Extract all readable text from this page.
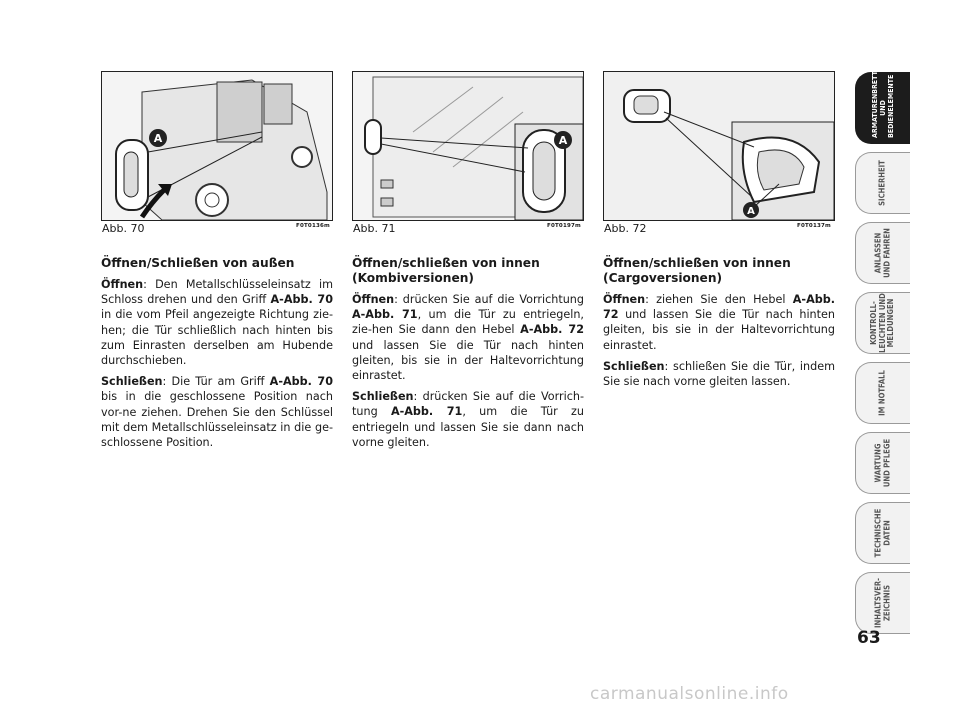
A
Abb. 70	F0T0136m
A
Abb. 71	F0T0197m
A
Abb. 72	F0T0137m
Öffnen/Schließen von außen

Öffnen: Den Metallschlüsseleinsatz im Schloss drehen und den Griff A-Abb. 70 in die vom Pfeil angezeigte Richtung zie-hen; die Tür schließlich nach hinten bis zum Einrasten derselben am Hubende durchschieben.

Schließen: Die Tür am Griff A-Abb. 70 bis in die geschlossene Position nach vor-ne ziehen. Drehen Sie den Schlüssel mit dem Metallschlüsseleinsatz in die ge-schlossene Position.

Öffnen/schließen von innen (Kombiversionen)

Öffnen: drücken Sie auf die Vorrichtung A-Abb. 71, um die Tür zu entriegeln, zie-hen Sie dann den Hebel A-Abb. 72 und lassen Sie die Tür nach hinten gleiten, bis sie in der Haltevorrichtung einrastet.

Schließen: drücken Sie auf die Vorrich-tung A-Abb. 71, um die Tür zu entriegeln und lassen Sie sie dann nach vorne gleiten.

Öffnen/schließen von innen (Cargoversionen)

Öffnen: ziehen Sie den Hebel A-Abb. 72 und lassen Sie die Tür nach hinten gleiten, bis sie in der Haltevorrichtung einrastet.

Schließen: schließen Sie die Tür, indem Sie sie nach vorne gleiten lassen.

ARMATURENBRETT
UND
BEDIENELEMENTE
SICHERHEIT
ANLASSEN
UND FAHREN
KONTROLL-
LEUCHTEN UND
MELDUNGEN
IM NOTFALL
WARTUNG
UND PFLEGE
TECHNISCHE
DATEN
INHALTSVER-
ZEICHNIS
63
carmanualsonline.info
